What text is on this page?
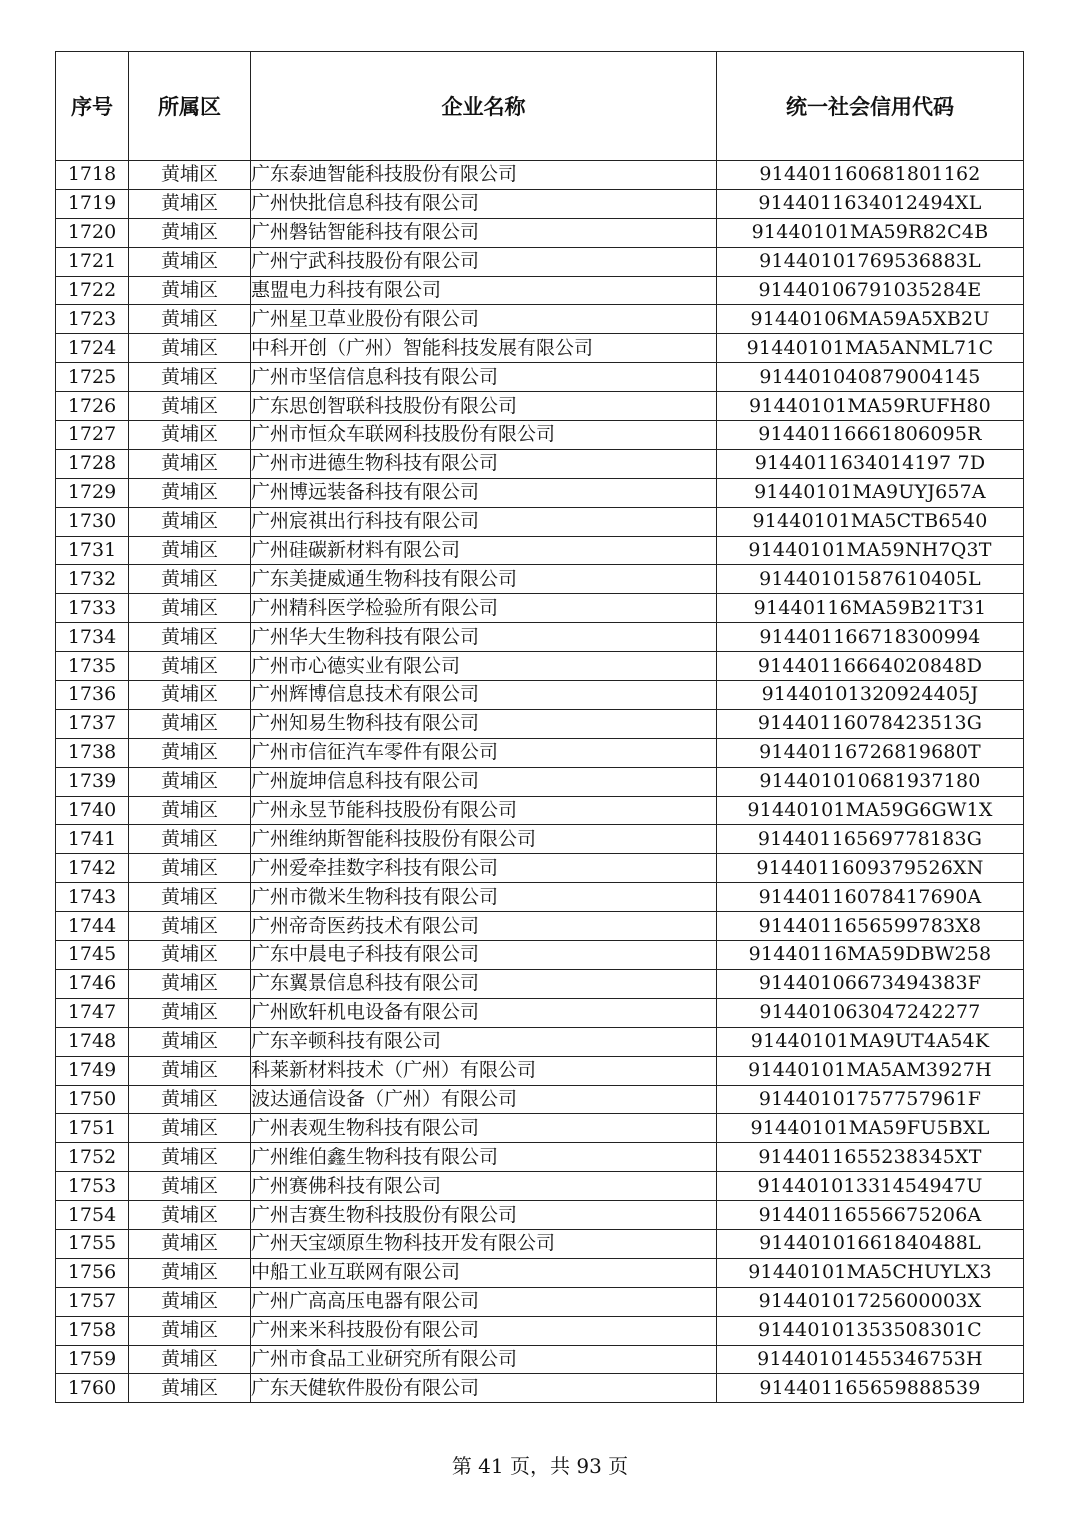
序号	所属区	企业名称	统一社会信用代码
1718	黄埔区	广东泰迪智能科技股份有限公司	914401160681801162
1719	黄埔区	广州快批信息科技有限公司	9144011634012494XL
1720	黄埔区	广州磐钴智能科技有限公司	91440101MA59R82C4B
1721	黄埔区	广州宁武科技股份有限公司	91440101769536883L
1722	黄埔区	惠盟电力科技有限公司	91440106791035284E
1723	黄埔区	广州星卫草业股份有限公司	91440106MA59A5XB2U
1724	黄埔区	中科开创（广州）智能科技发展有限公司	91440101MA5ANML71C
1725	黄埔区	广州市坚信信息科技有限公司	914401040879004145
1726	黄埔区	广东思创智联科技股份有限公司	91440101MA59RUFH80
1727	黄埔区	广州市恒众车联网科技股份有限公司	91440116661806095R
1728	黄埔区	广州市进德生物科技有限公司	9144011634014197 7D
1729	黄埔区	广州博远装备科技有限公司	91440101MA9UYJ657A
1730	黄埔区	广州宸祺出行科技有限公司	91440101MA5CTB6540
1731	黄埔区	广州硅碳新材料有限公司	91440101MA59NH7Q3T
1732	黄埔区	广东美捷威通生物科技有限公司	91440101587610405L
1733	黄埔区	广州精科医学检验所有限公司	91440116MA59B21T31
1734	黄埔区	广州华大生物科技有限公司	914401166718300994
1735	黄埔区	广州市心德实业有限公司	91440116664020848D
1736	黄埔区	广州辉博信息技术有限公司	91440101320924405J
1737	黄埔区	广州知易生物科技有限公司	91440116078423513G
1738	黄埔区	广州市信征汽车零件有限公司	91440116726819680T
1739	黄埔区	广州旋坤信息科技有限公司	914401010681937180
1740	黄埔区	广州永昱节能科技股份有限公司	91440101MA59G6GW1X
1741	黄埔区	广州维纳斯智能科技股份有限公司	91440116569778183G
1742	黄埔区	广州爱牵挂数字科技有限公司	9144011609379526XN
1743	黄埔区	广州市微米生物科技有限公司	91440116078417690A
1744	黄埔区	广州帝奇医药技术有限公司	9144011656599783X8
1745	黄埔区	广东中晨电子科技有限公司	91440116MA59DBW258
1746	黄埔区	广东翼景信息科技有限公司	91440106673494383F
1747	黄埔区	广州欧轩机电设备有限公司	914401063047242277
1748	黄埔区	广东辛顿科技有限公司	91440101MA9UT4A54K
1749	黄埔区	科莱新材料技术（广州）有限公司	91440101MA5AM3927H
1750	黄埔区	波达通信设备（广州）有限公司	91440101757757961F
1751	黄埔区	广州表观生物科技有限公司	91440101MA59FU5BXL
1752	黄埔区	广州维伯鑫生物科技有限公司	9144011655238345XT
1753	黄埔区	广州赛佛科技有限公司	91440101331454947U
1754	黄埔区	广州吉赛生物科技股份有限公司	91440116556675206A
1755	黄埔区	广州天宝颂原生物科技开发有限公司	91440101661840488L
1756	黄埔区	中船工业互联网有限公司	91440101MA5CHUYLX3
1757	黄埔区	广州广高高压电器有限公司	91440101725600003X
1758	黄埔区	广州来米科技股份有限公司	91440101353508301C
1759	黄埔区	广州市食品工业研究所有限公司	91440101455346753H
1760	黄埔区	广东天健软件股份有限公司	914401165659888539
第 41 页，共 93 页
